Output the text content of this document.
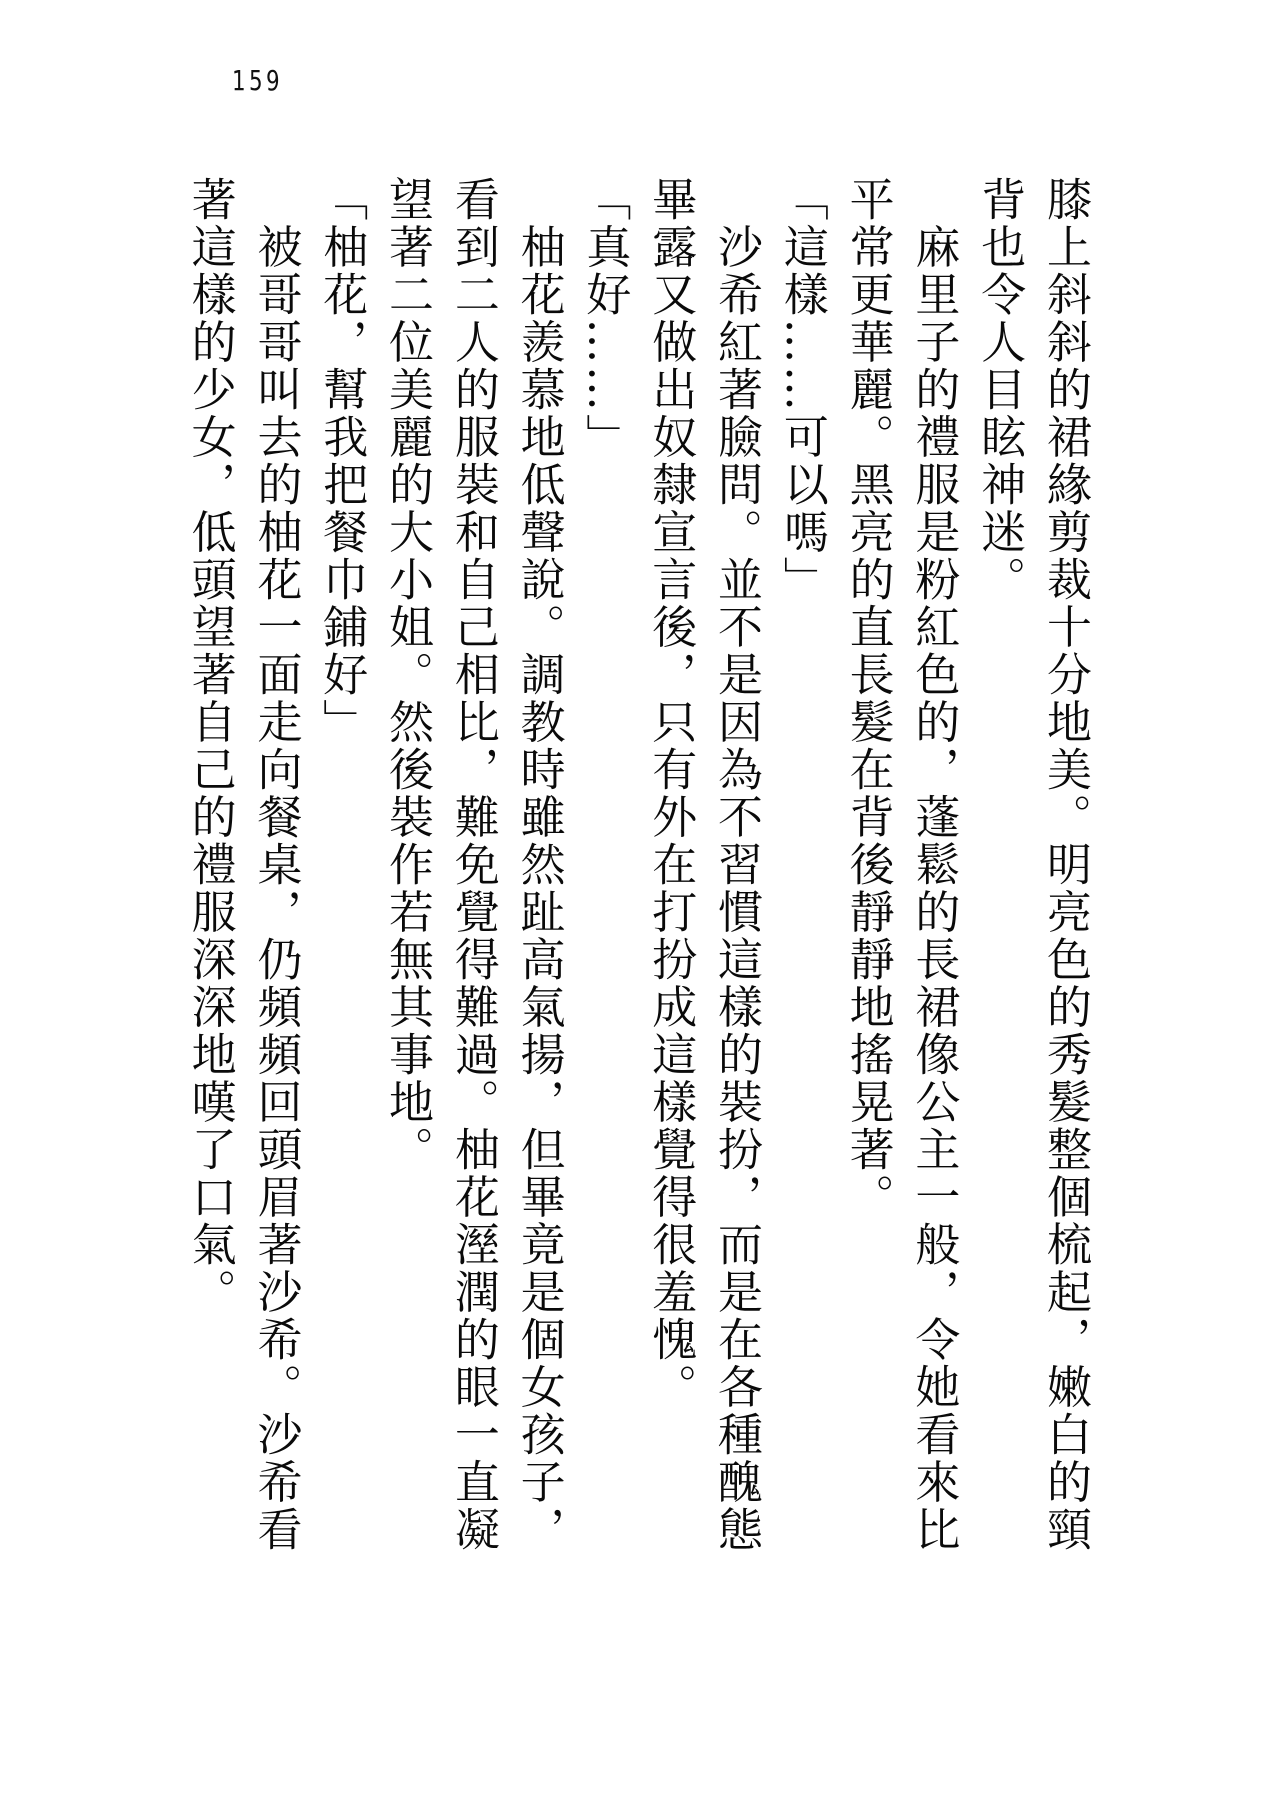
159
膝上斜斜的裙緣剪裁十分地美。明亮色的秀髮整個梳起，嫩白的頸
背也令人目眩神迷。
　麻里子的禮服是粉紅色的，蓬鬆的長裙像公主一般，令她看來比
平常更華麗。黑亮的直長髮在背後靜靜地搖晃著。
「這樣……可以嗎」
　沙希紅著臉問。並不是因為不習慣這樣的裝扮，而是在各種醜態
畢露又做出奴隸宣言後，只有外在打扮成這樣覺得很羞愧。
「真好……」
　柚花羨慕地低聲說。調教時雖然趾高氣揚，但畢竟是個女孩子，
看到二人的服裝和自己相比，難免覺得難過。柚花溼潤的眼一直凝
望著二位美麗的大小姐。然後裝作若無其事地。
「柚花，幫我把餐巾鋪好」
　被哥哥叫去的柚花一面走向餐桌，仍頻頻回頭眉著沙希。沙希看
著這樣的少女，低頭望著自己的禮服深深地嘆了口氣。
